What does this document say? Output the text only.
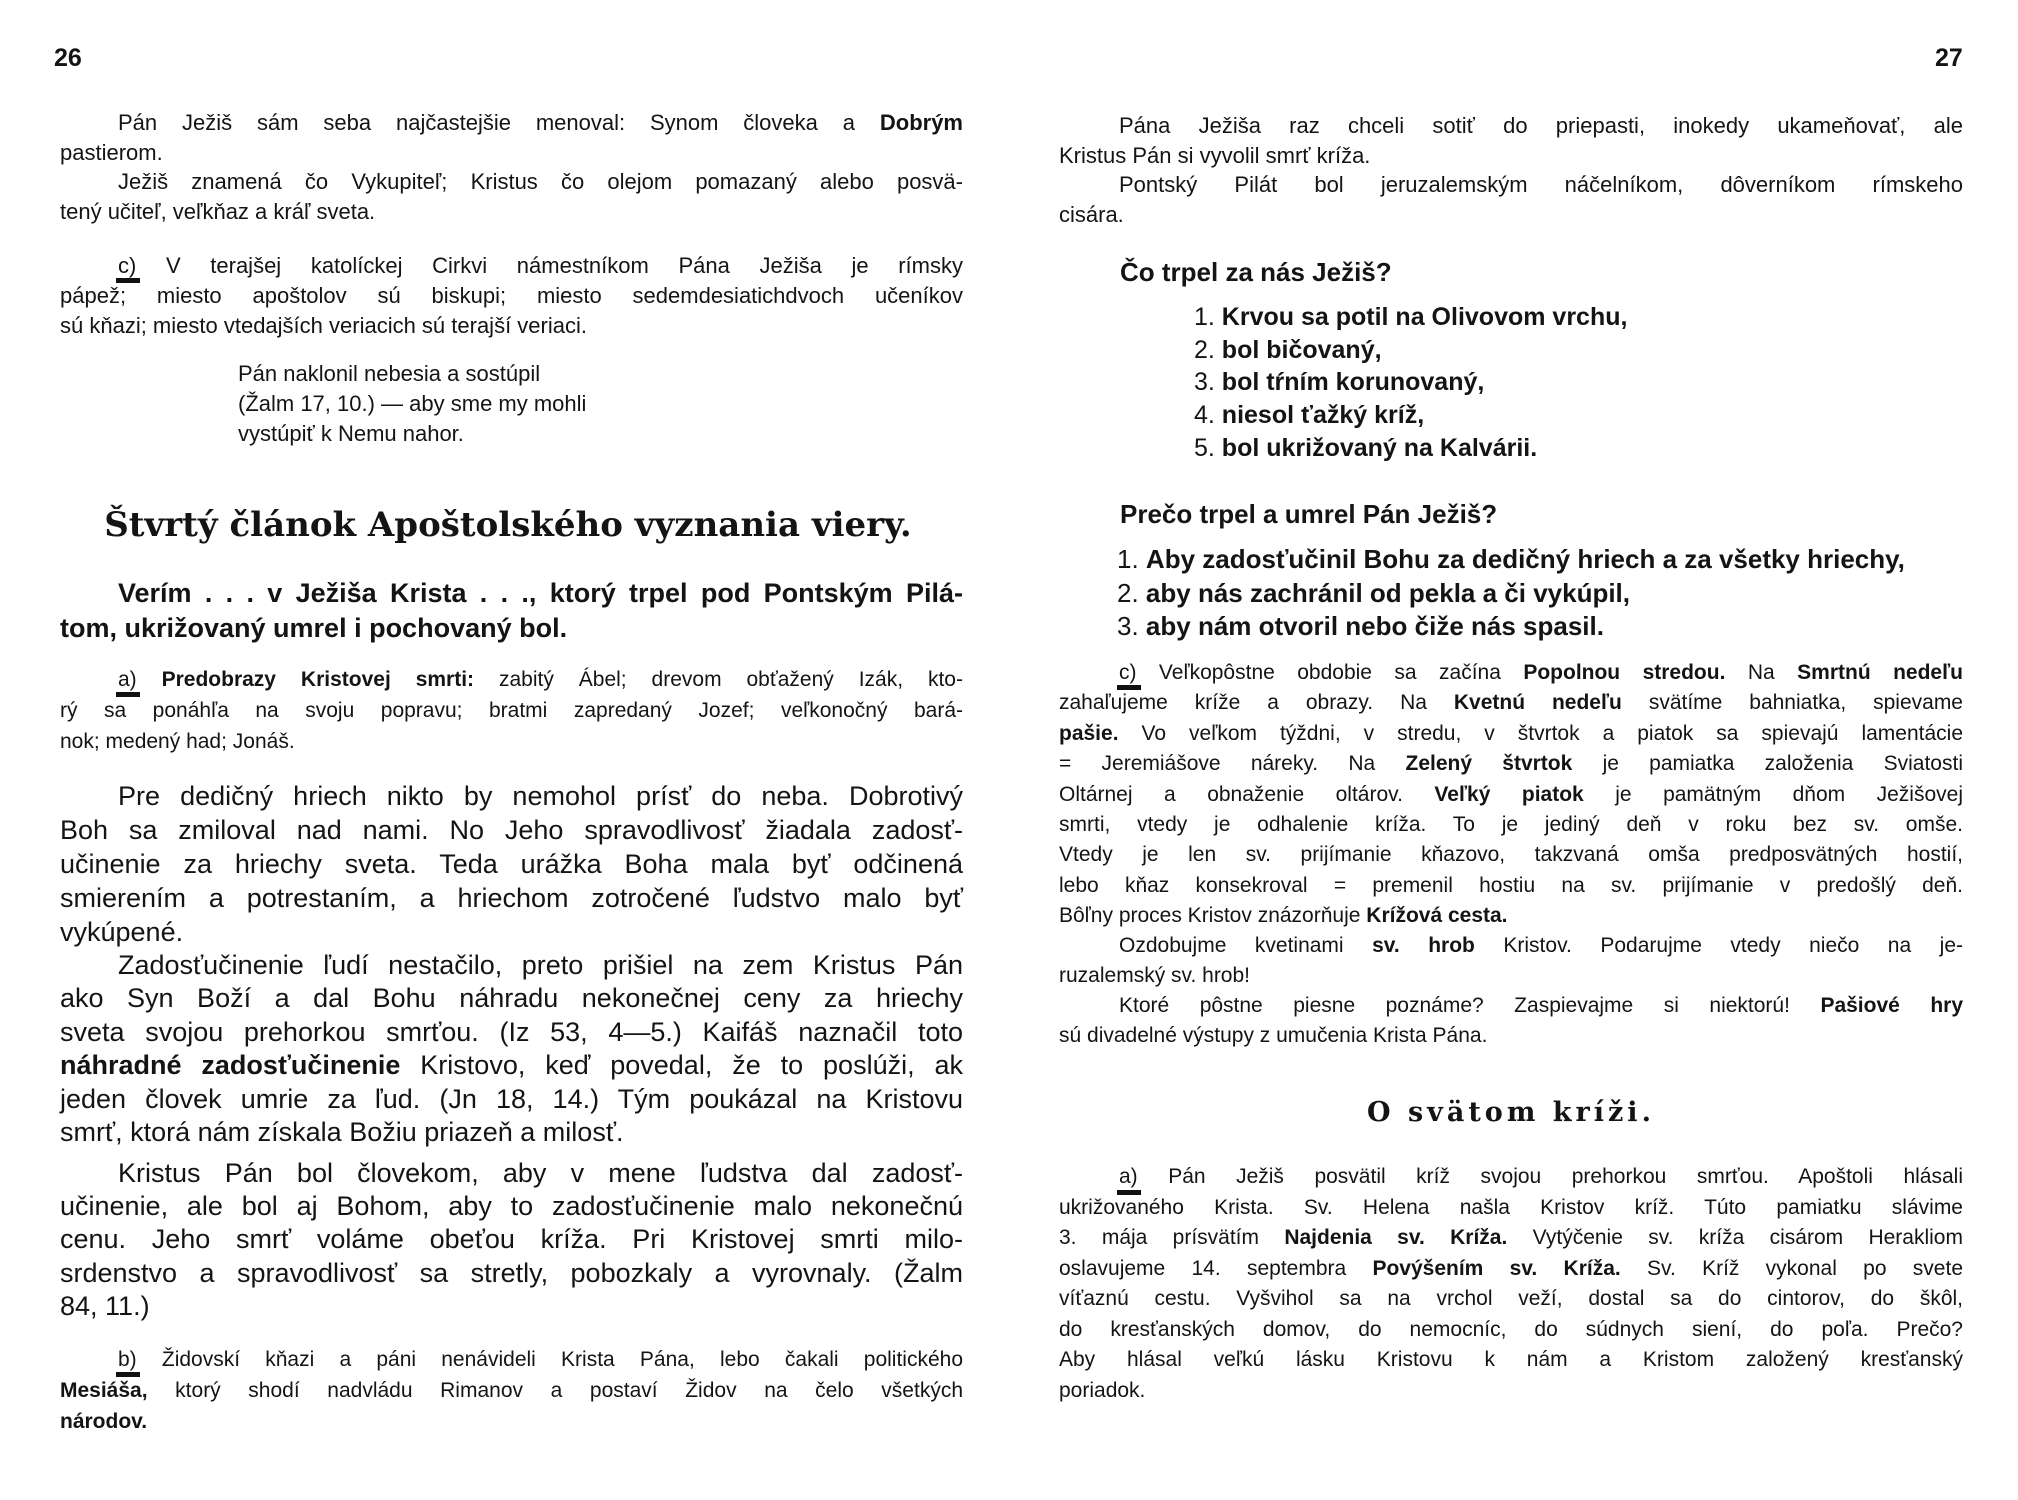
26	27
Pán Ježiš sám seba najčastejšie menoval: Synom človeka a Dobrým
pastierom.
Ježiš znamená čo Vykupiteľ; Kristus čo olejom pomazaný alebo posvä-
tený učiteľ, veľkňaz a kráľ sveta.
c) V terajšej katolíckej Cirkvi námestníkom Pána Ježiša je rímsky
pápež; miesto apoštolov sú biskupi; miesto sedemdesiatichdvoch učeníkov
sú kňazi; miesto vtedajších veriacich sú terajší veriaci.
Pán naklonil nebesia a sostúpil
(Žalm 17, 10.) — aby sme my mohli
vystúpiť k Nemu nahor.
Štvrtý článok Apoštolského vyznania viery.
Verím . . . v Ježiša Krista . . ., ktorý trpel pod Pontským Pilá-
tom, ukrižovaný umrel i pochovaný bol.
a) Predobrazy Kristovej smrti: zabitý Ábel; drevom obťažený Izák, kto-
rý sa ponáhľa na svoju popravu; bratmi zapredaný Jozef; veľkonočný bará-
nok; medený had; Jonáš.
Pre dedičný hriech nikto by nemohol prísť do neba. Dobrotivý
Boh sa zmiloval nad nami. No Jeho spravodlivosť žiadala zadosť-
učinenie za hriechy sveta. Teda urážka Boha mala byť odčinená
smierením a potrestaním, a hriechom zotročené ľudstvo malo byť
vykúpené.
Zadosťučinenie ľudí nestačilo, preto prišiel na zem Kristus Pán
ako Syn Boží a dal Bohu náhradu nekonečnej ceny za hriechy
sveta svojou prehorkou smrťou. (Iz 53, 4—5.) Kaifáš naznačil toto
náhradné zadosťučinenie Kristovo, keď povedal, že to poslúži, ak
jeden človek umrie za ľud. (Jn 18, 14.) Tým poukázal na Kristovu
smrť, ktorá nám získala Božiu priazeň a milosť.
Kristus Pán bol človekom, aby v mene ľudstva dal zadosť-
učinenie, ale bol aj Bohom, aby to zadosťučinenie malo nekonečnú
cenu. Jeho smrť voláme obeťou kríža. Pri Kristovej smrti milo-
srdenstvo a spravodlivosť sa stretly, pobozkaly a vyrovnaly. (Žalm
84, 11.)
b) Židovskí kňazi a páni nenávideli Krista Pána, lebo čakali politického
Mesiáša, ktorý shodí nadvládu Rimanov a postaví Židov na čelo všetkých
národov.
Pána Ježiša raz chceli sotiť do priepasti, inokedy ukameňovať, ale
Kristus Pán si vyvolil smrť kríža.
Pontský Pilát bol jeruzalemským náčelníkom, dôverníkom rímskeho
cisára.
Čo trpel za nás Ježiš?
1. Krvou sa potil na Olivovom vrchu,
2. bol bičovaný,
3. bol tŕním korunovaný,
4. niesol ťažký kríž,
5. bol ukrižovaný na Kalvárii.
Prečo trpel a umrel Pán Ježiš?
1. Aby zadosťučinil Bohu za dedičný hriech a za všetky hriechy,
2. aby nás zachránil od pekla a či vykúpil,
3. aby nám otvoril nebo čiže nás spasil.
c) Veľkopôstne obdobie sa začína Popolnou stredou. Na Smrtnú nedeľu
zahaľujeme kríže a obrazy. Na Kvetnú nedeľu svätíme bahniatka, spievame
pašie. Vo veľkom týždni, v stredu, v štvrtok a piatok sa spievajú lamentácie
= Jeremiášove náreky. Na Zelený štvrtok je pamiatka založenia Sviatosti
Oltárnej a obnaženie oltárov. Veľký piatok je pamätným dňom Ježišovej
smrti, vtedy je odhalenie kríža. To je jediný deň v roku bez sv. omše.
Vtedy je len sv. prijímanie kňazovo, takzvaná omša predposvätných hostií,
lebo kňaz konsekroval = premenil hostiu na sv. prijímanie v predošlý deň.
Bôľny proces Kristov znázorňuje Krížová cesta.
Ozdobujme kvetinami sv. hrob Kristov. Podarujme vtedy niečo na je-
ruzalemský sv. hrob!
Ktoré pôstne piesne poznáme? Zaspievajme si niektorú! Pašiové hry
sú divadelné výstupy z umučenia Krista Pána.
O svätom kríži.
a) Pán Ježiš posvätil kríž svojou prehorkou smrťou. Apoštoli hlásali
ukrižovaného Krista. Sv. Helena našla Kristov kríž. Túto pamiatku slávime
3. mája prísvätím Najdenia sv. Kríža. Vytýčenie sv. kríža cisárom Herakliom
oslavujeme 14. septembra Povýšením sv. Kríža. Sv. Kríž vykonal po svete
víťaznú cestu. Vyšvihol sa na vrchol veží, dostal sa do cintorov, do škôl,
do kresťanských domov, do nemocníc, do súdnych siení, do poľa. Prečo?
Aby hlásal veľkú lásku Kristovu k nám a Kristom založený kresťanský
poriadok.
